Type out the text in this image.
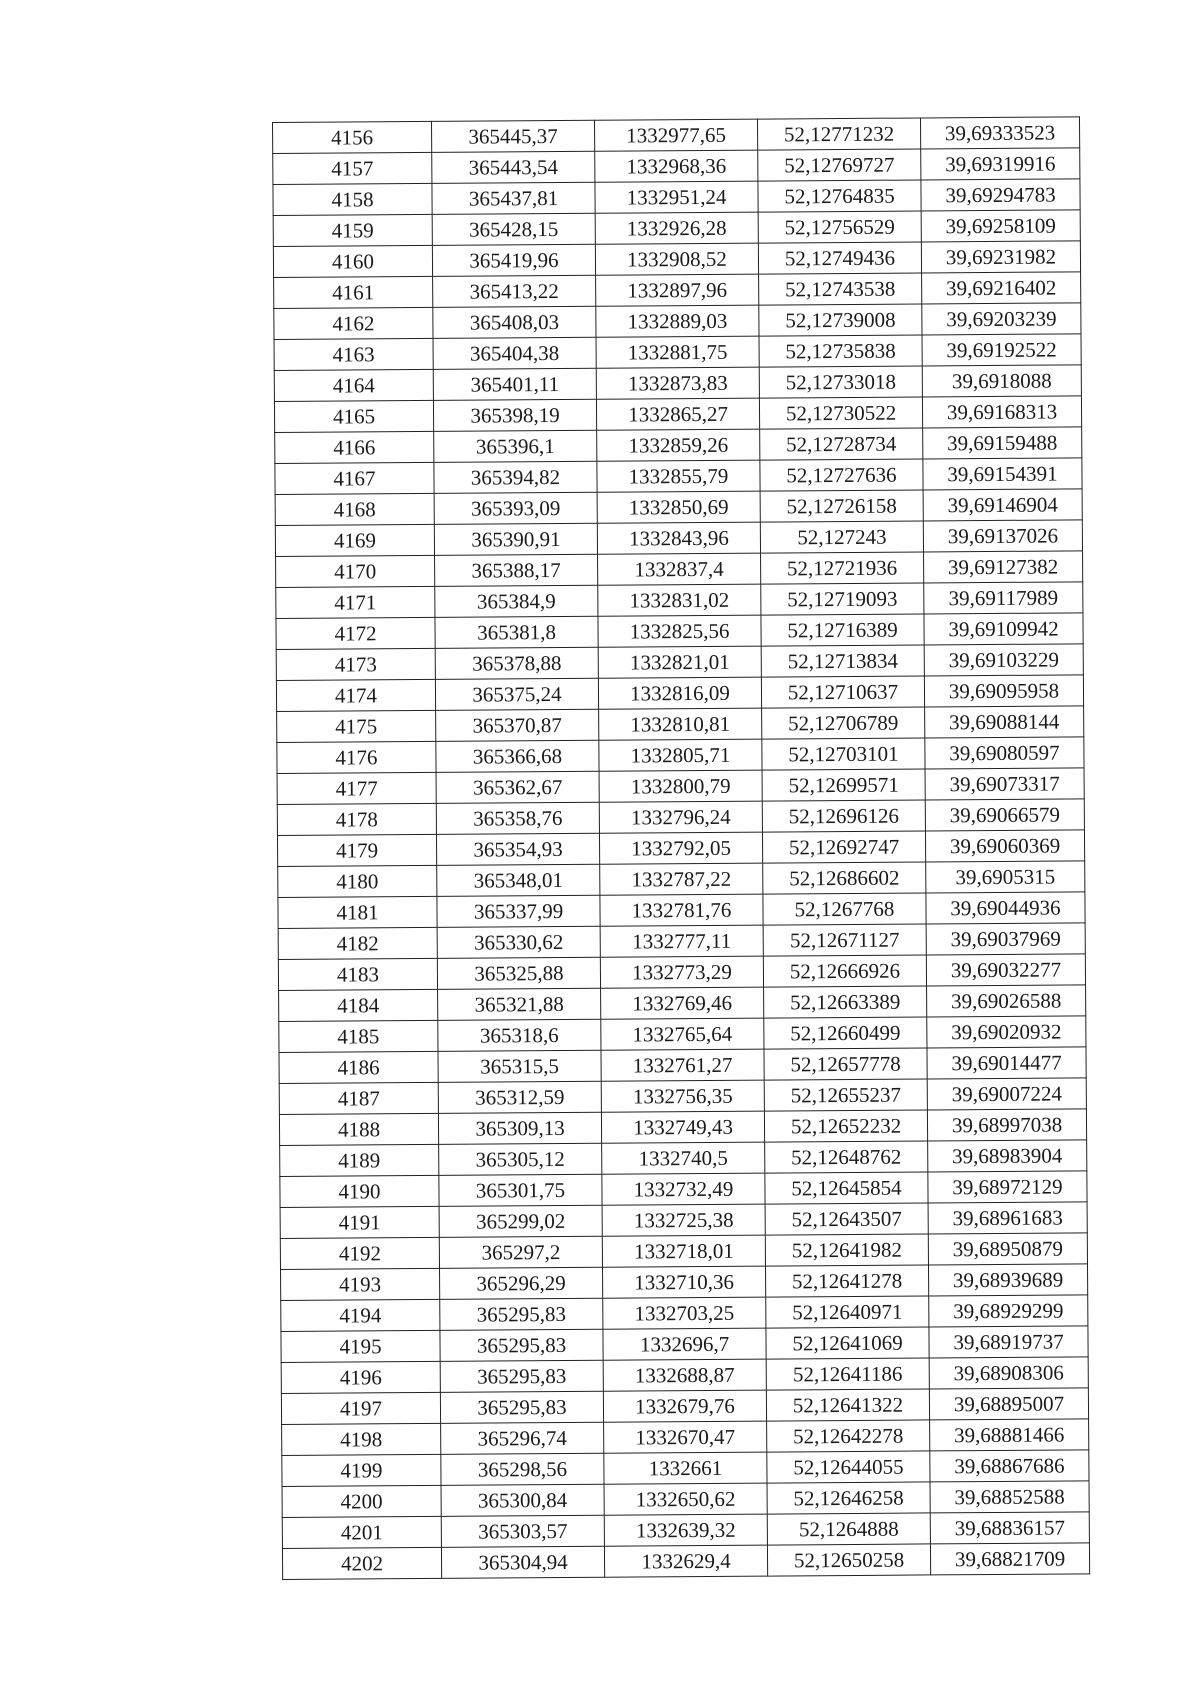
4156	365445,37	1332977,65	52,12771232	39,69333523
4157	365443,54	1332968,36	52,12769727	39,69319916
4158	365437,81	1332951,24	52,12764835	39,69294783
4159	365428,15	1332926,28	52,12756529	39,69258109
4160	365419,96	1332908,52	52,12749436	39,69231982
4161	365413,22	1332897,96	52,12743538	39,69216402
4162	365408,03	1332889,03	52,12739008	39,69203239
4163	365404,38	1332881,75	52,12735838	39,69192522
4164	365401,11	1332873,83	52,12733018	39,6918088
4165	365398,19	1332865,27	52,12730522	39,69168313
4166	365396,1	1332859,26	52,12728734	39,69159488
4167	365394,82	1332855,79	52,12727636	39,69154391
4168	365393,09	1332850,69	52,12726158	39,69146904
4169	365390,91	1332843,96	52,127243	39,69137026
4170	365388,17	1332837,4	52,12721936	39,69127382
4171	365384,9	1332831,02	52,12719093	39,69117989
4172	365381,8	1332825,56	52,12716389	39,69109942
4173	365378,88	1332821,01	52,12713834	39,69103229
4174	365375,24	1332816,09	52,12710637	39,69095958
4175	365370,87	1332810,81	52,12706789	39,69088144
4176	365366,68	1332805,71	52,12703101	39,69080597
4177	365362,67	1332800,79	52,12699571	39,69073317
4178	365358,76	1332796,24	52,12696126	39,69066579
4179	365354,93	1332792,05	52,12692747	39,69060369
4180	365348,01	1332787,22	52,12686602	39,6905315
4181	365337,99	1332781,76	52,1267768	39,69044936
4182	365330,62	1332777,11	52,12671127	39,69037969
4183	365325,88	1332773,29	52,12666926	39,69032277
4184	365321,88	1332769,46	52,12663389	39,69026588
4185	365318,6	1332765,64	52,12660499	39,69020932
4186	365315,5	1332761,27	52,12657778	39,69014477
4187	365312,59	1332756,35	52,12655237	39,69007224
4188	365309,13	1332749,43	52,12652232	39,68997038
4189	365305,12	1332740,5	52,12648762	39,68983904
4190	365301,75	1332732,49	52,12645854	39,68972129
4191	365299,02	1332725,38	52,12643507	39,68961683
4192	365297,2	1332718,01	52,12641982	39,68950879
4193	365296,29	1332710,36	52,12641278	39,68939689
4194	365295,83	1332703,25	52,12640971	39,68929299
4195	365295,83	1332696,7	52,12641069	39,68919737
4196	365295,83	1332688,87	52,12641186	39,68908306
4197	365295,83	1332679,76	52,12641322	39,68895007
4198	365296,74	1332670,47	52,12642278	39,68881466
4199	365298,56	1332661	52,12644055	39,68867686
4200	365300,84	1332650,62	52,12646258	39,68852588
4201	365303,57	1332639,32	52,1264888	39,68836157
4202	365304,94	1332629,4	52,12650258	39,68821709
